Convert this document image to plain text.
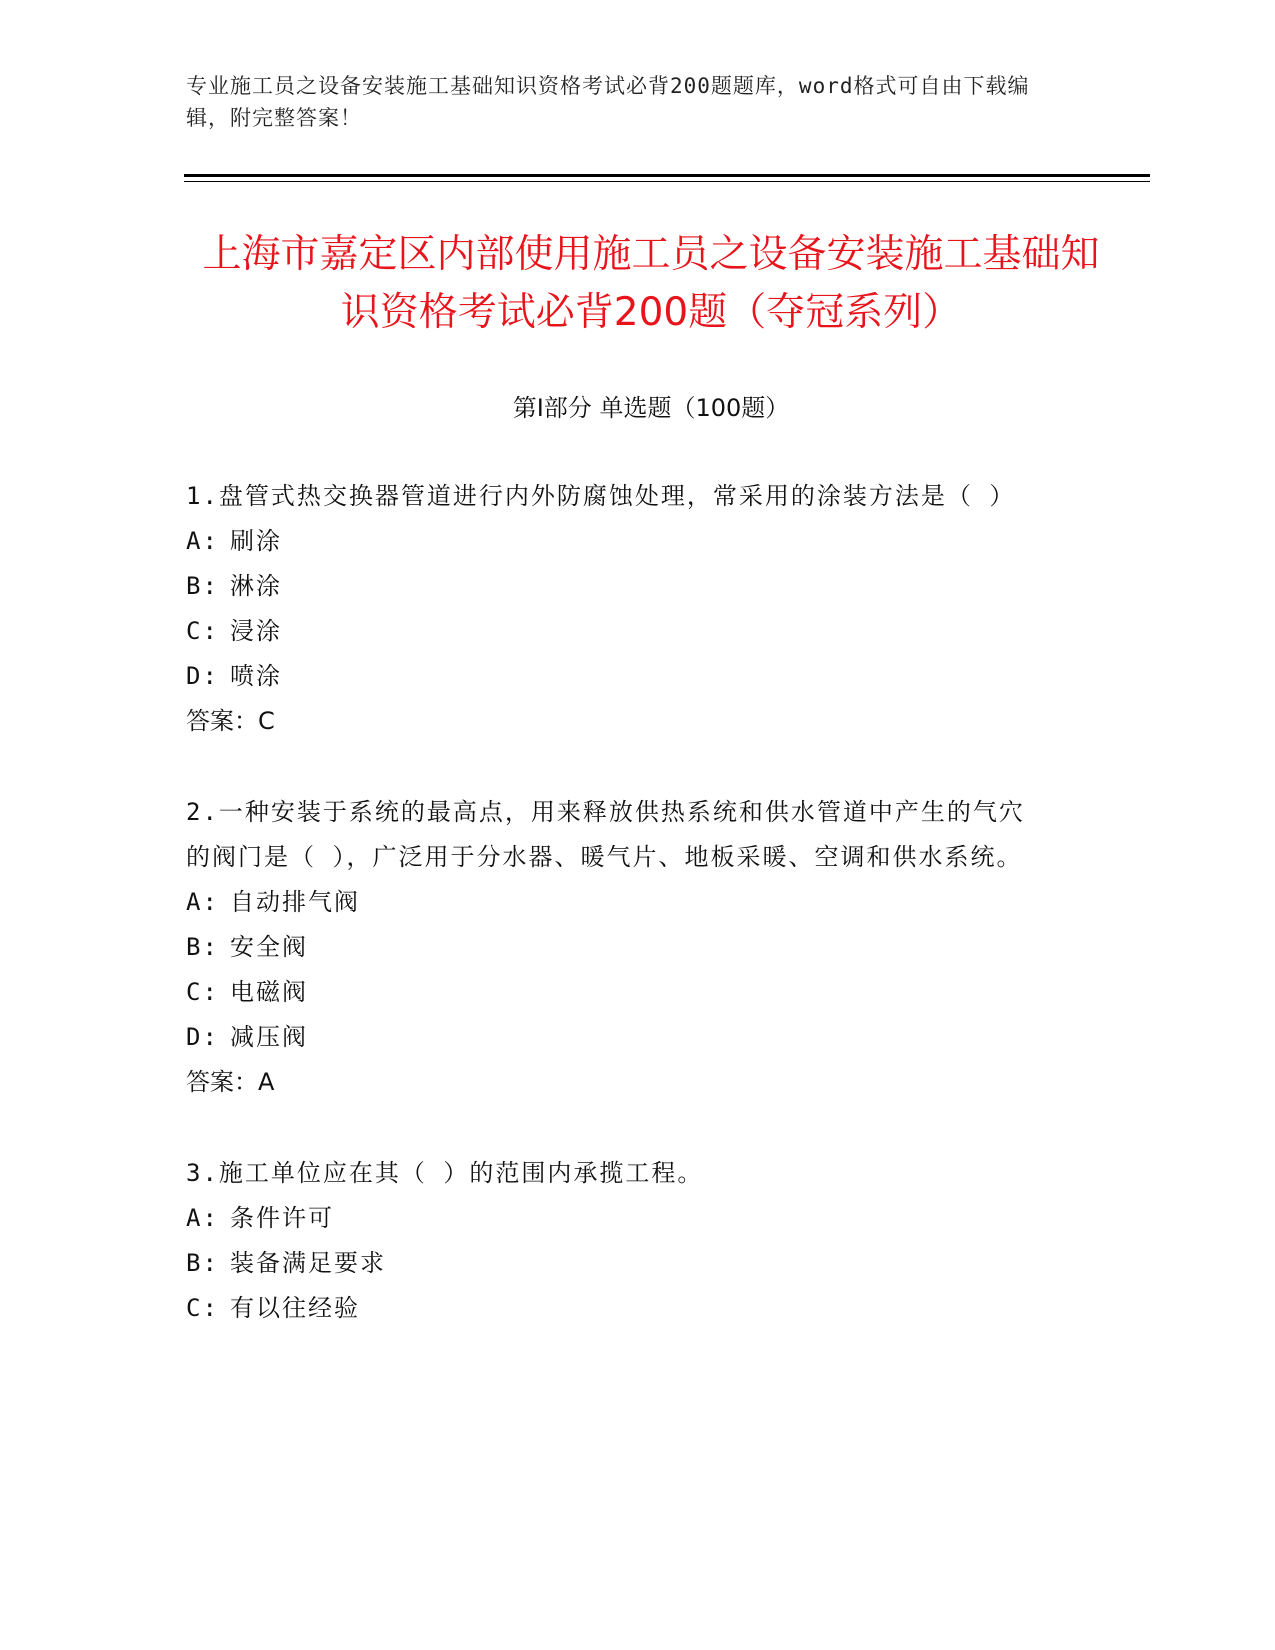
专业施工员之设备安装施工基础知识资格考试必背200题题库，word格式可自由下载编辑，附完整答案！

上海市嘉定区内部使用施工员之设备安装施工基础知识资格考试必背200题（夺冠系列）
第Ⅰ部分 单选题（100题）

1.盘管式热交换器管道进行内外防腐蚀处理，常采用的涂装方法是（ ）

A: 刷涂

B: 淋涂

C: 浸涂

D: 喷涂

答案：C

2.一种安装于系统的最高点，用来释放供热系统和供水管道中产生的气穴的阀门是（ ），广泛用于分水器、暖气片、地板采暖、空调和供水系统。

A: 自动排气阀

B: 安全阀

C: 电磁阀

D: 减压阀

答案：A

3.施工单位应在其（ ）的范围内承揽工程。

A: 条件许可

B: 装备满足要求

C: 有以往经验
